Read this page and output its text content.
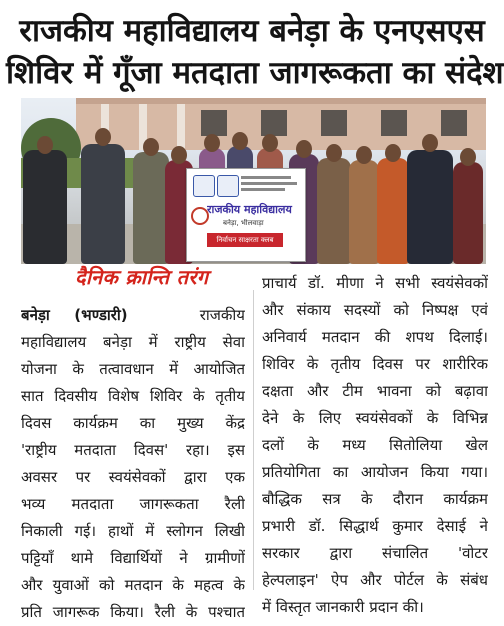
राजकीय महाविद्यालय बनेड़ा के एनएसएस
शिविर में गूँजा मतदाता जागरूकता का संदेश
राजकीय महाविद्यालय
बनेड़ा, भीलवाड़ा
निर्वाचन साक्षरता क्लब
दैनिक क्रान्ति तरंग
बनेड़ा (भण्डारी)	राजकीय
महाविद्यालय बनेड़ा में राष्ट्रीय सेवा
योजना के तत्वावधान में आयोजित
सात दिवसीय विशेष शिविर के तृतीय
दिवस कार्यक्रम का मुख्य केंद्र
'राष्ट्रीय मतदाता दिवस' रहा। इस
अवसर पर स्वयंसेवकों द्वारा एक
भव्य मतदाता जागरूकता रैली
निकाली गई। हाथों में स्लोगन लिखी
पट्टियाँ थामे विद्यार्थियों ने ग्रामीणों
और युवाओं को मतदान के महत्व के
प्रति जागरूक किया। रैली के पश्चात
प्राचार्य डॉ. मीणा ने सभी स्वयंसेवकों
और संकाय सदस्यों को निष्पक्ष एवं
अनिवार्य मतदान की शपथ दिलाई।
शिविर के तृतीय दिवस पर शारीरिक
दक्षता और टीम भावना को बढ़ावा
देने के लिए स्वयंसेवकों के विभिन्न
दलों के मध्य सितोलिया खेल
प्रतियोगिता का आयोजन किया गया।
बौद्धिक सत्र के दौरान कार्यक्रम
प्रभारी डॉ. सिद्धार्थ कुमार देसाई ने
सरकार द्वारा संचालित 'वोटर
हेल्पलाइन' ऐप और पोर्टल के संबंध
में विस्तृत जानकारी प्रदान की।
